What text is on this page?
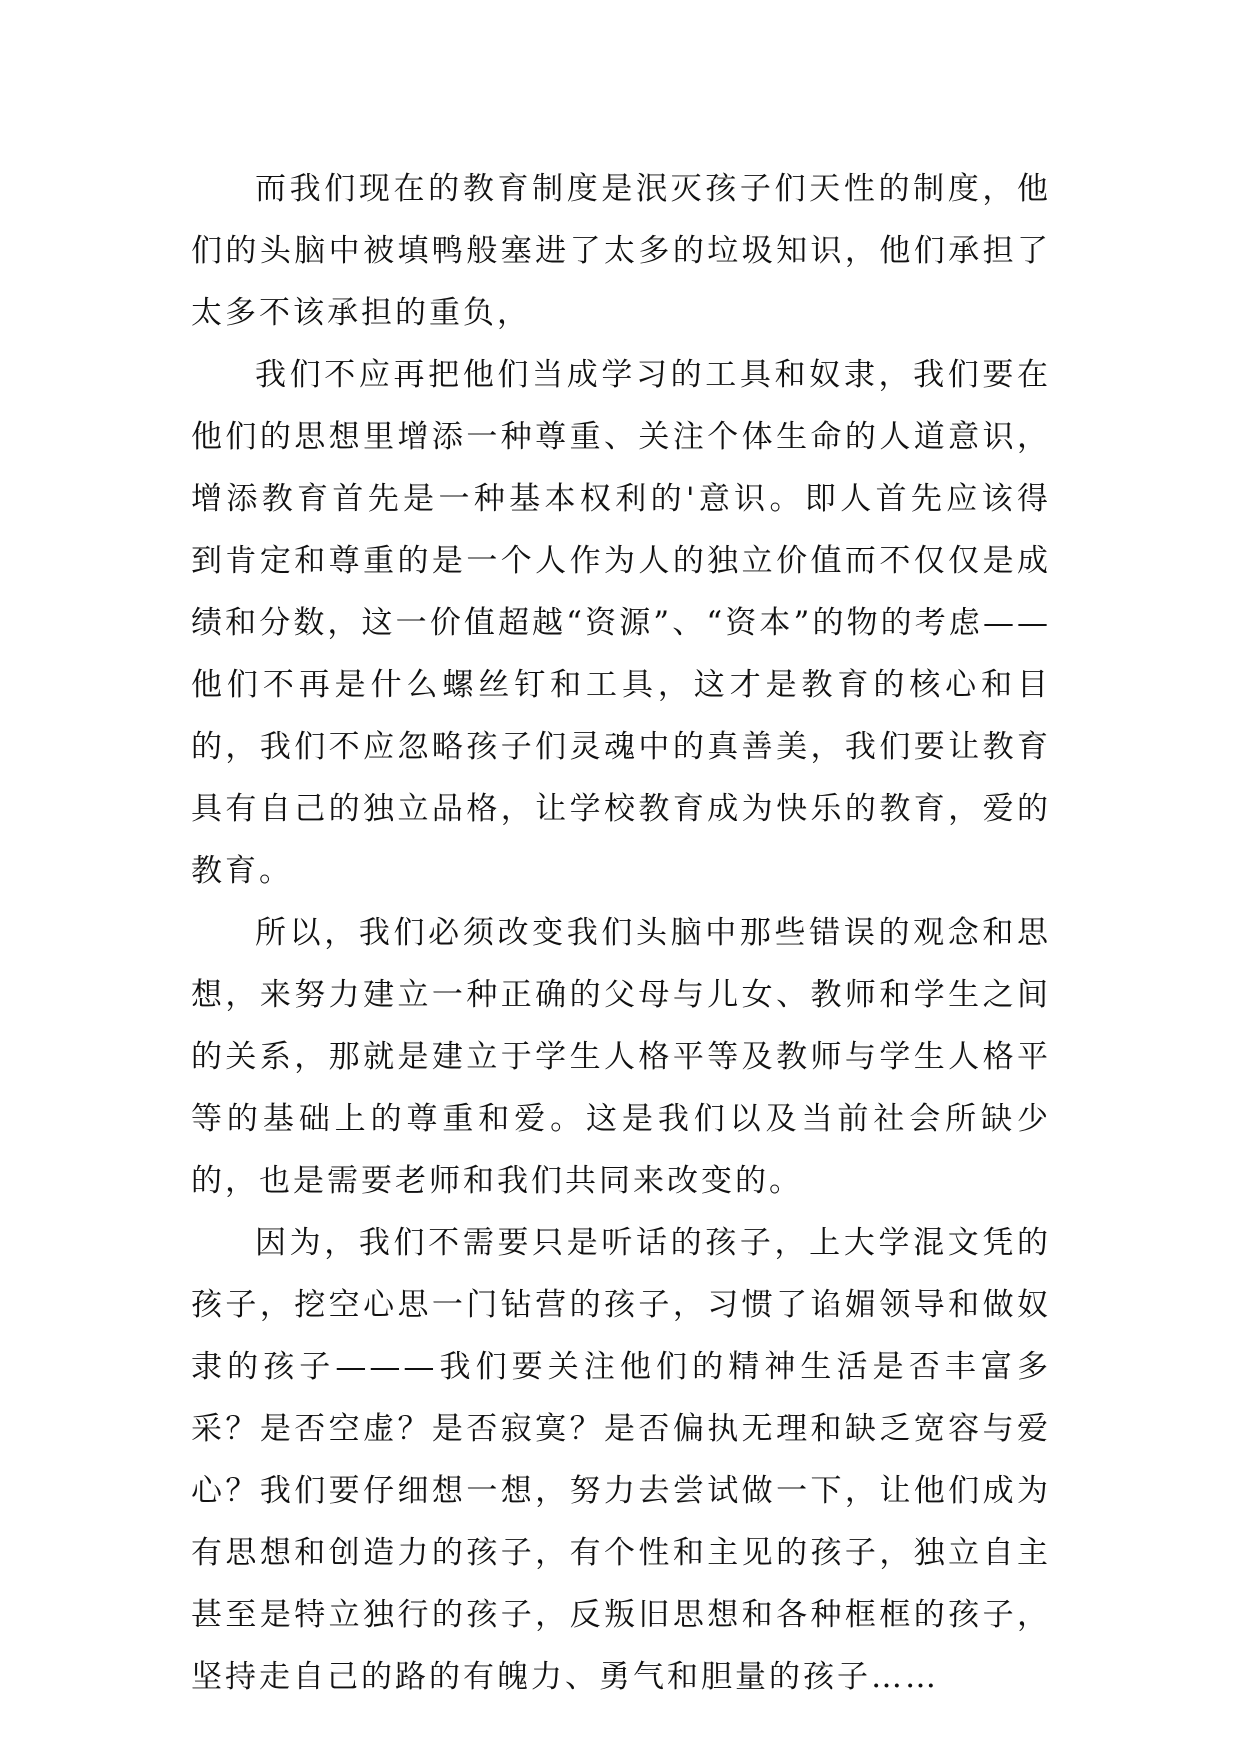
而我们现在的教育制度是泯灭孩子们天性的制度，他们的头脑中被填鸭般塞进了太多的垃圾知识，他们承担了太多不该承担的重负，

我们不应再把他们当成学习的工具和奴隶，我们要在他们的思想里增添一种尊重、关注个体生命的人道意识，增添教育首先是一种基本权利的'意识。即人首先应该得到肯定和尊重的是一个人作为人的独立价值而不仅仅是成绩和分数，这一价值超越“资源”、“资本”的物的考虑——他们不再是什么螺丝钉和工具，这才是教育的核心和目的，我们不应忽略孩子们灵魂中的真善美，我们要让教育具有自己的独立品格，让学校教育成为快乐的教育，爱的教育。

所以，我们必须改变我们头脑中那些错误的观念和思想，来努力建立一种正确的父母与儿女、教师和学生之间的关系，那就是建立于学生人格平等及教师与学生人格平等的基础上的尊重和爱。这是我们以及当前社会所缺少的，也是需要老师和我们共同来改变的。

因为，我们不需要只是听话的孩子，上大学混文凭的孩子，挖空心思一门钻营的孩子，习惯了谄媚领导和做奴隶的孩子———我们要关注他们的精神生活是否丰富多采？是否空虚？是否寂寞？是否偏执无理和缺乏宽容与爱心？我们要仔细想一想，努力去尝试做一下，让他们成为有思想和创造力的孩子，有个性和主见的孩子，独立自主甚至是特立独行的孩子，反叛旧思想和各种框框的孩子，坚持走自己的路的有魄力、勇气和胆量的孩子……
